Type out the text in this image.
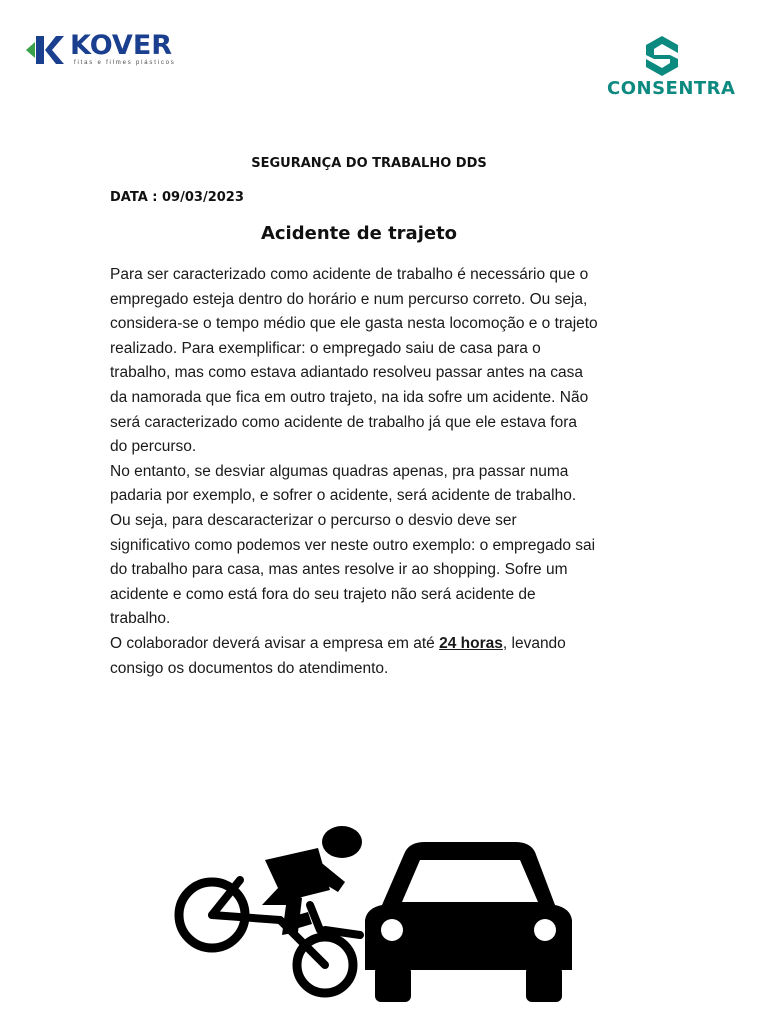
KOVER
fitas e filmes plásticos
CONSENTRA
SEGURANÇA DO TRABALHO DDS
DATA : 09/03/2023
Acidente de trajeto
Para ser caracterizado como acidente de trabalho é necessário que o
empregado esteja dentro do horário e num percurso correto. Ou seja,
considera-se o tempo médio que ele gasta nesta locomoção e o trajeto
realizado. Para exemplificar: o empregado saiu de casa para o
trabalho, mas como estava adiantado resolveu passar antes na casa
da namorada que fica em outro trajeto, na ida sofre um acidente. Não
será caracterizado como acidente de trabalho já que ele estava fora
do percurso.
No entanto, se desviar algumas quadras apenas, pra passar numa
padaria por exemplo, e sofrer o acidente, será acidente de trabalho.
Ou seja, para descaracterizar o percurso o desvio deve ser
significativo como podemos ver neste outro exemplo: o empregado sai
do trabalho para casa, mas antes resolve ir ao shopping. Sofre um
acidente e como está fora do seu trajeto não será acidente de
trabalho.
O colaborador deverá avisar a empresa em até 24 horas, levando
consigo os documentos do atendimento.
